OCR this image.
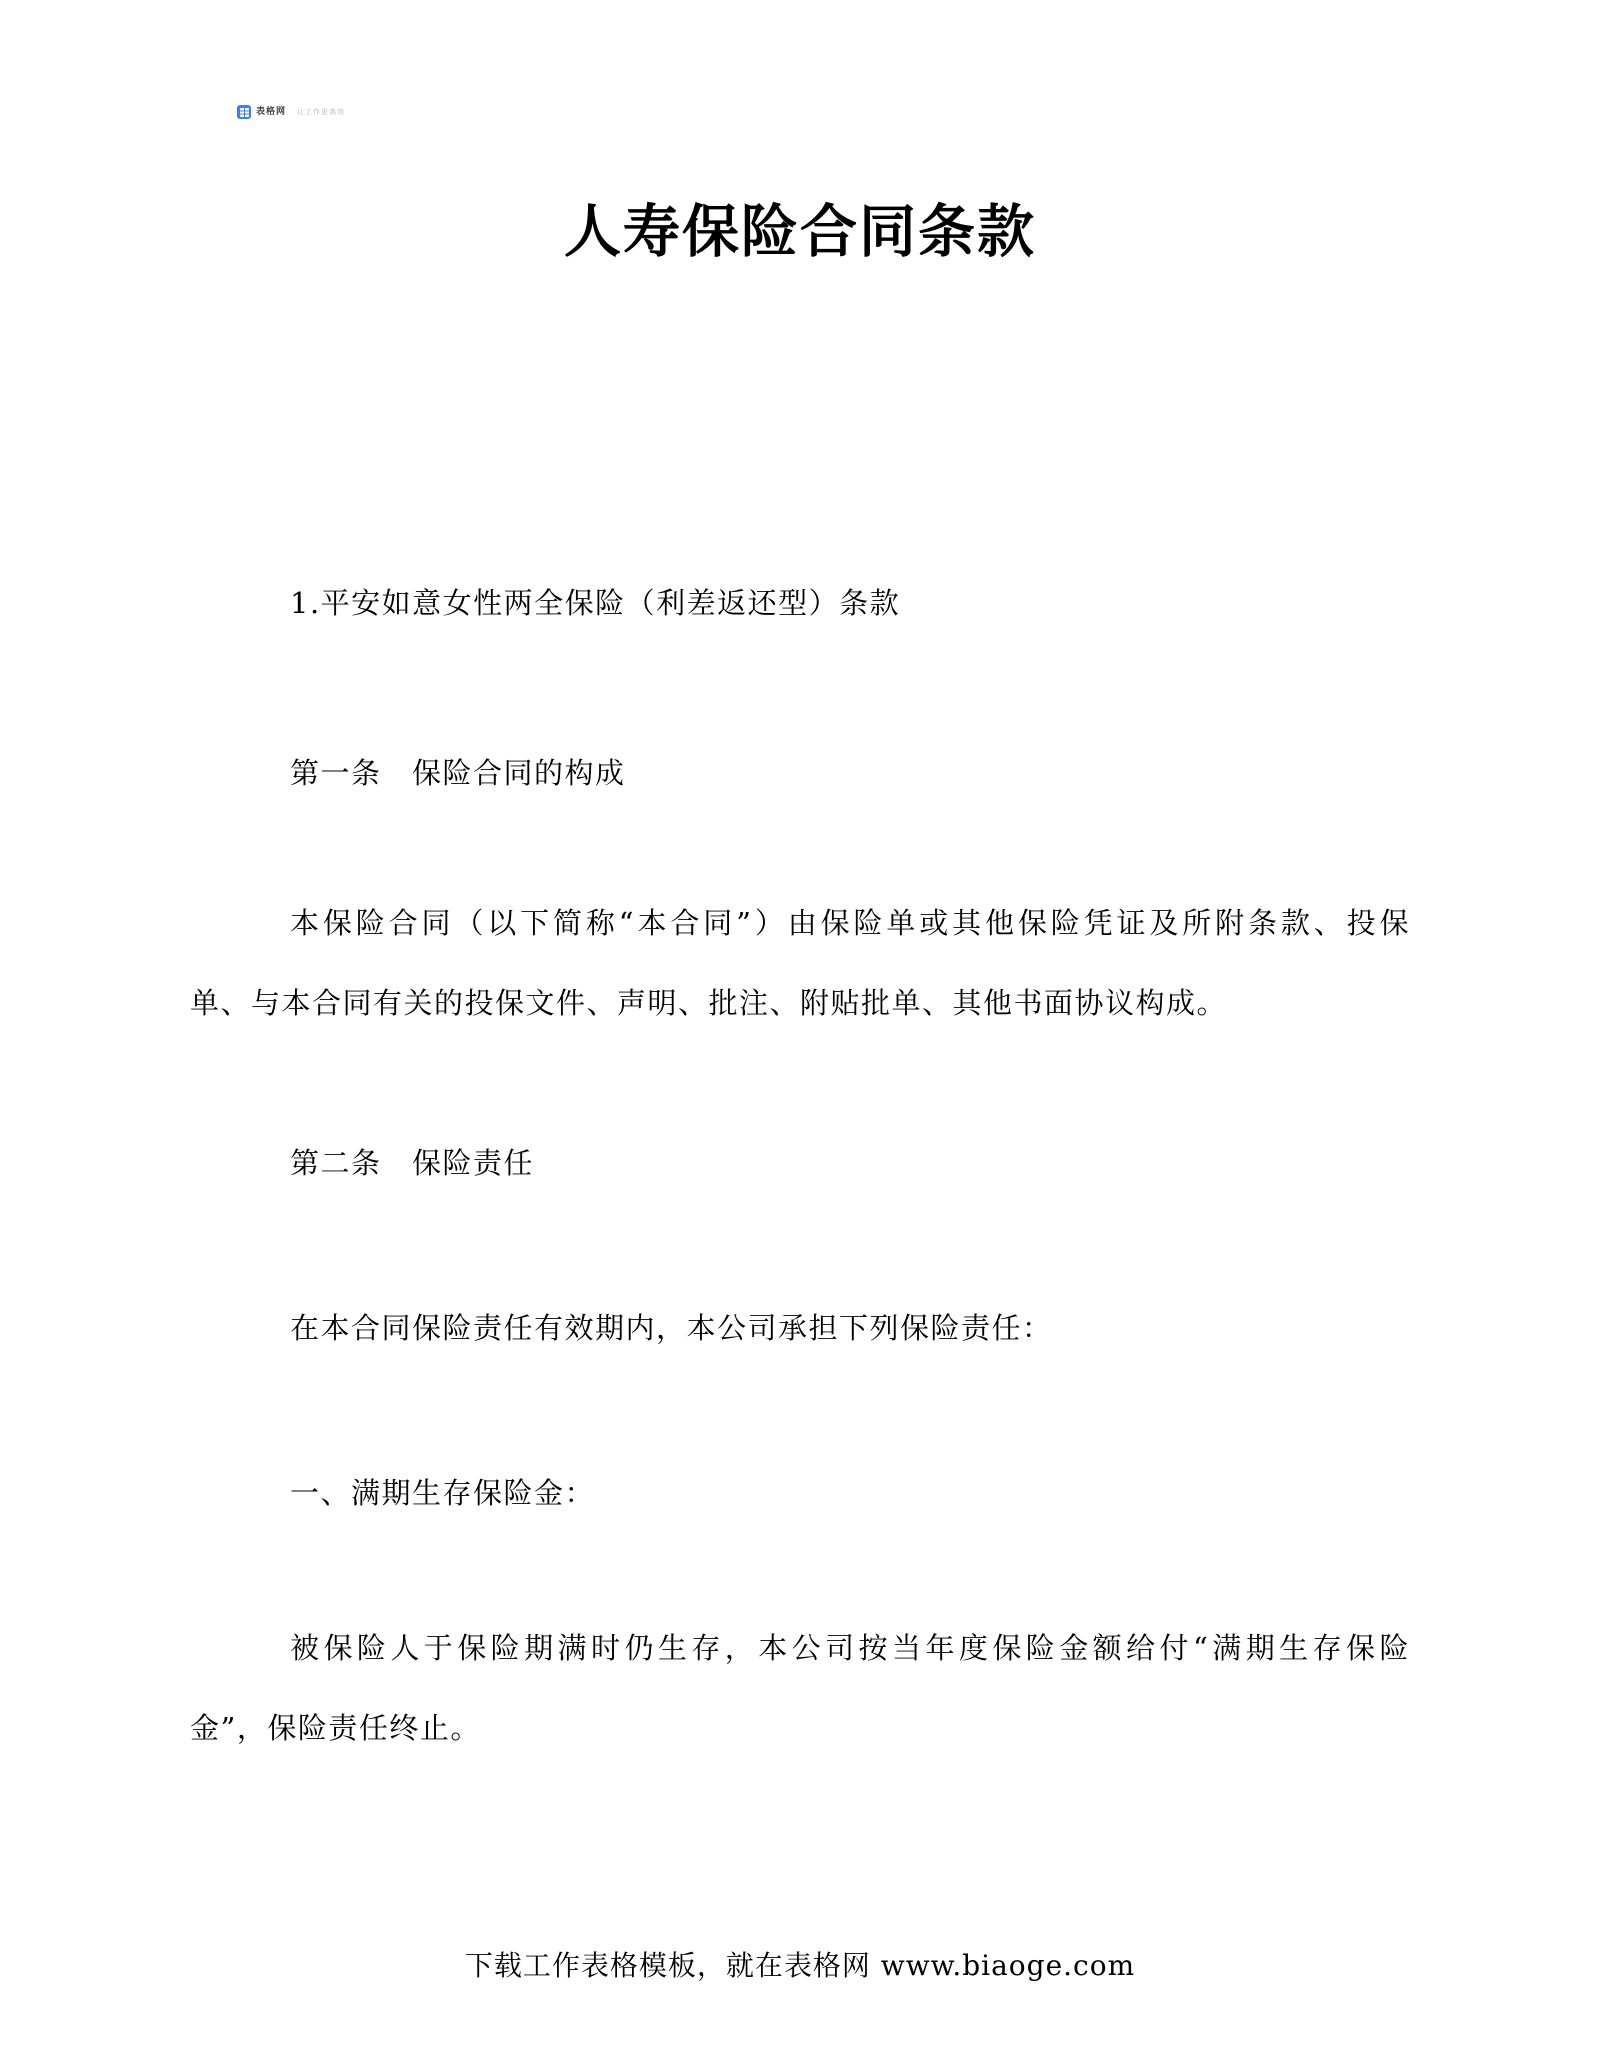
表格网 让工作更高效
人寿保险合同条款
1.平安如意女性两全保险（利差返还型）条款
第一条　保险合同的构成
本保险合同（以下简称“本合同”）由保险单或其他保险凭证及所附条款、投保
单、与本合同有关的投保文件、声明、批注、附贴批单、其他书面协议构成。
第二条　保险责任
在本合同保险责任有效期内，本公司承担下列保险责任：
一、满期生存保险金：
被保险人于保险期满时仍生存，本公司按当年度保险金额给付“满期生存保险
金”，保险责任终止。
下载工作表格模板，就在表格网 www.biaoge.com
